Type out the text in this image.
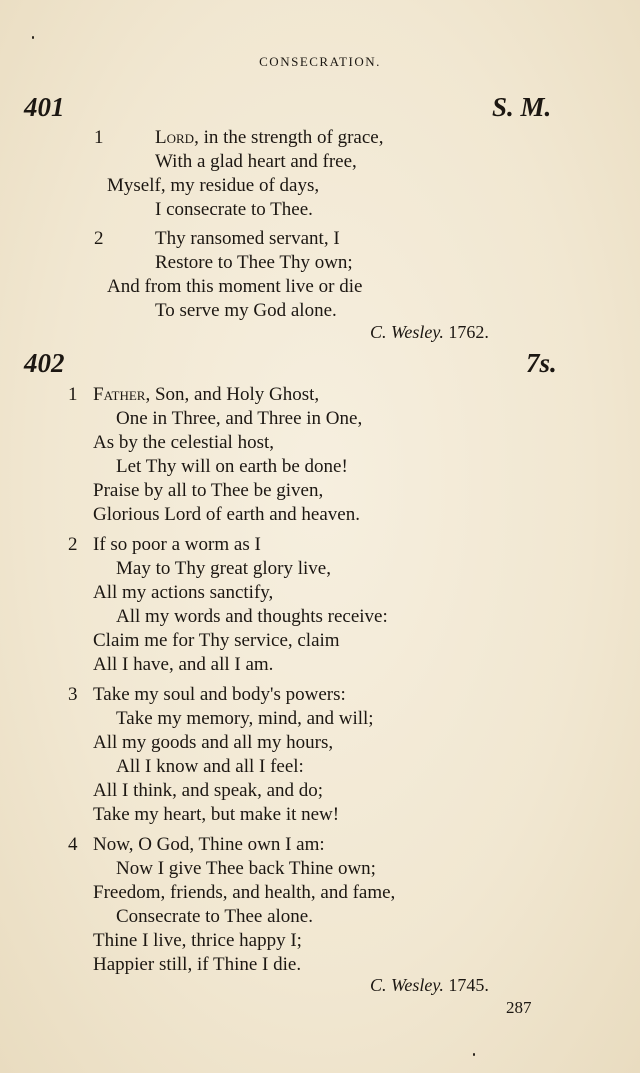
CONSECRATION.
401	S. M.
1	Lord, in the strength of grace,
With a glad heart and free,
Myself, my residue of days,
I consecrate to Thee.
2	Thy ransomed servant, I
Restore to Thee Thy own;
And from this moment live or die
To serve my God alone.
C. Wesley. 1762.
402	7s.
1 Father, Son, and Holy Ghost,
One in Three, and Three in One,
As by the celestial host,
Let Thy will on earth be done!
Praise by all to Thee be given,
Glorious Lord of earth and heaven.
2 If so poor a worm as I
May to Thy great glory live,
All my actions sanctify,
All my words and thoughts receive:
Claim me for Thy service, claim
All I have, and all I am.
3 Take my soul and body's powers:
Take my memory, mind, and will;
All my goods and all my hours,
All I know and all I feel:
All I think, and speak, and do;
Take my heart, but make it new!
4 Now, O God, Thine own I am:
Now I give Thee back Thine own;
Freedom, friends, and health, and fame,
Consecrate to Thee alone.
Thine I live, thrice happy I;
Happier still, if Thine I die.
C. Wesley. 1745.
287
